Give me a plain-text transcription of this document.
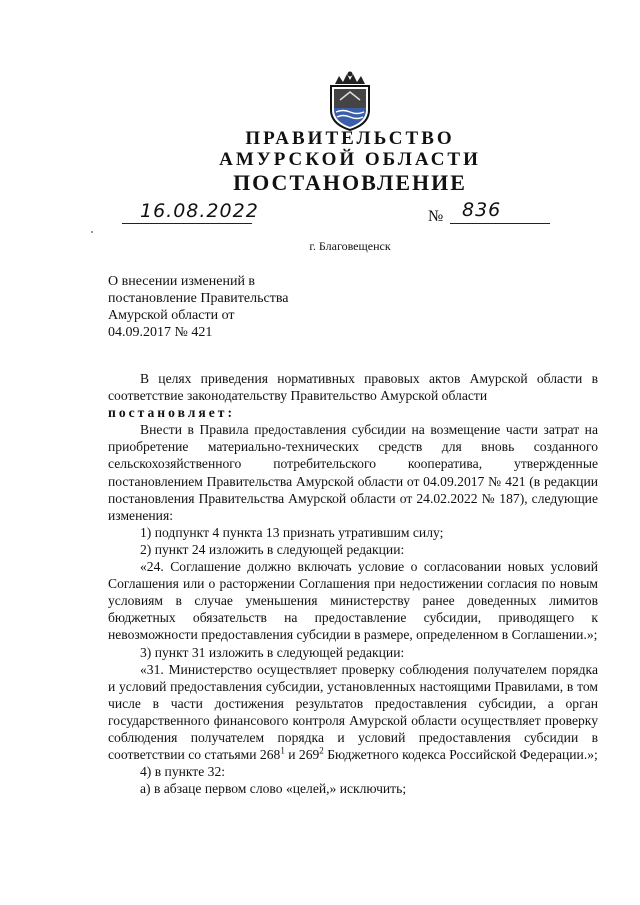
ПРАВИТЕЛЬСТВО
АМУРСКОЙ ОБЛАСТИ
ПОСТАНОВЛЕНИЕ
16.08.2022	№ 836
г. Благовещенск
О внесении изменений в
постановление Правительства
Амурской области от
04.09.2017 № 421

В целях приведения нормативных правовых актов Амурской области в соответствие законодательству Правительство Амурской области

постановляет:

Внести в Правила предоставления субсидии на возмещение части затрат на приобретение материально-технических средств для вновь созданного сельскохозяйственного потребительского кооператива, утвержденные постановлением Правительства Амурской области от 04.09.2017 № 421 (в редакции постановления Правительства Амурской области от 24.02.2022 № 187), следующие изменения:

1) подпункт 4 пункта 13 признать утратившим силу;

2) пункт 24 изложить в следующей редакции:

«24. Соглашение должно включать условие о согласовании новых условий Соглашения или о расторжении Соглашения при недостижении согласия по новым условиям в случае уменьшения министерству ранее доведенных лимитов бюджетных обязательств на предоставление субсидии, приводящего к невозможности предоставления субсидии в размере, определенном в Соглашении.»;

3) пункт 31 изложить в следующей редакции:

«31. Министерство осуществляет проверку соблюдения получателем порядка и условий предоставления субсидии, установленных настоящими Правилами, в том числе в части достижения результатов предоставления субсидии, а орган государственного финансового контроля Амурской области осуществляет проверку соблюдения получателем порядка и условий предоставления субсидии в соответствии со статьями $268^1$ и $269^2$ Бюджетного кодекса Российской Федерации.»;

4) в пункте 32:

а) в абзаце первом слово «целей,» исключить;
